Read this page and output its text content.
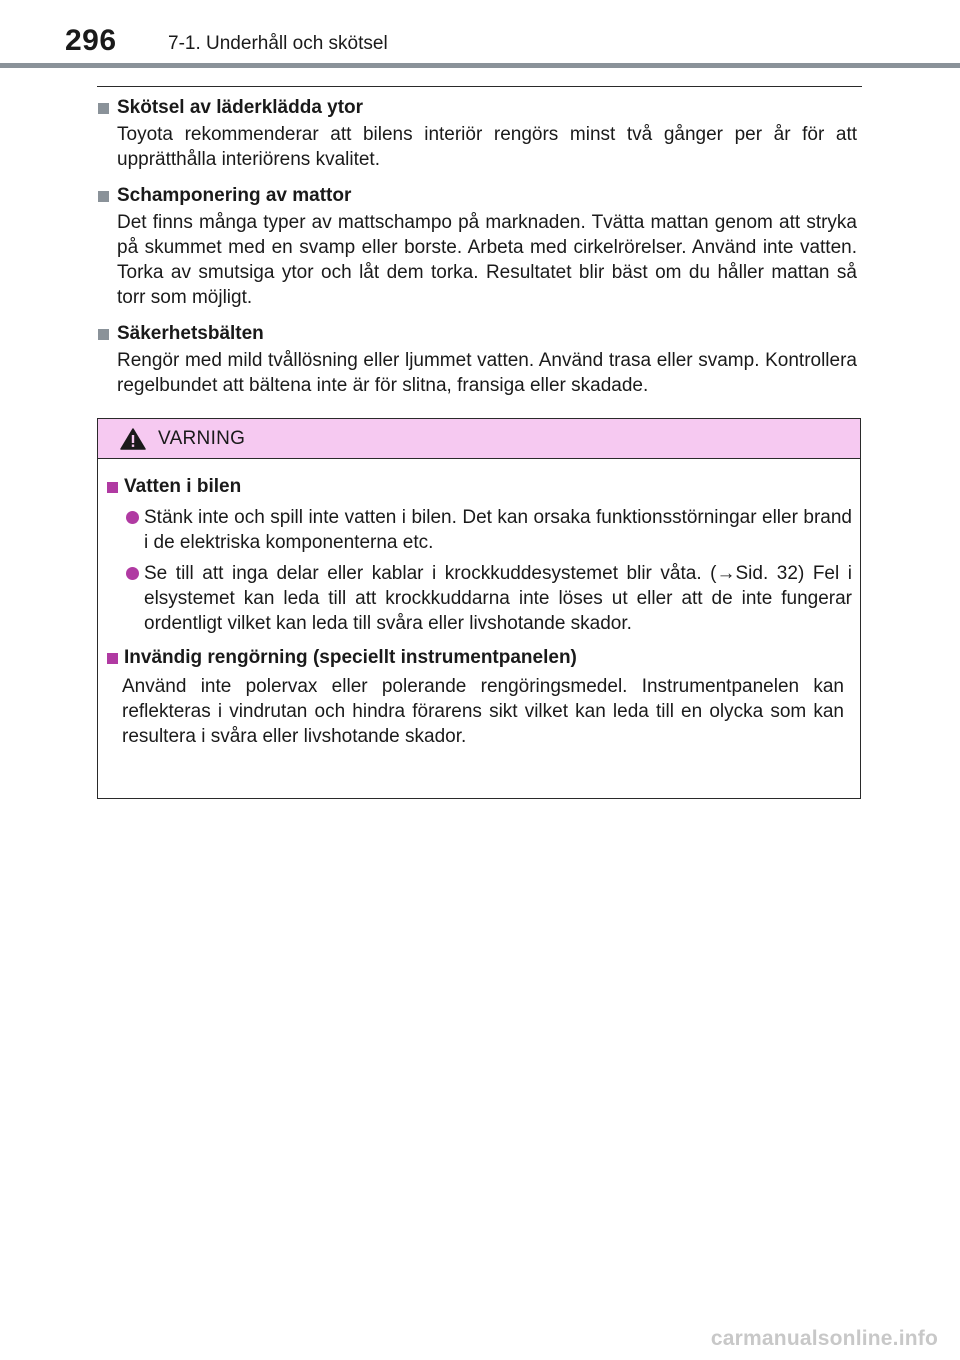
296	7-1. Underhåll och skötsel
Skötsel av läderklädda ytor
Toyota rekommenderar att bilens interiör rengörs minst två gånger per år för att upprätthålla interiörens kvalitet.
Schamponering av mattor
Det finns många typer av mattschampo på marknaden. Tvätta mattan genom att stryka på skummet med en svamp eller borste. Arbeta med cirkelrörelser. Använd inte vatten. Torka av smutsiga ytor och låt dem torka. Resultatet blir bäst om du håller mattan så torr som möjligt.
Säkerhetsbälten
Rengör med mild tvållösning eller ljummet vatten. Använd trasa eller svamp. Kontrollera regelbundet att bältena inte är för slitna, fransiga eller skadade.
VARNING
Vatten i bilen
Stänk inte och spill inte vatten i bilen. Det kan orsaka funktionsstörningar eller brand i de elektriska komponenterna etc.
Se till att inga delar eller kablar i krockkuddesystemet blir våta. (→Sid. 32) Fel i elsystemet kan leda till att krockkuddarna inte löses ut eller att de inte fungerar ordentligt vilket kan leda till svåra eller livshotande skador.
Invändig rengörning (speciellt instrumentpanelen)
Använd inte polervax eller polerande rengöringsmedel. Instrumentpanelen kan reflekteras i vindrutan och hindra förarens sikt vilket kan leda till en olycka som kan resultera i svåra eller livshotande skador.
carmanualsonline.info
